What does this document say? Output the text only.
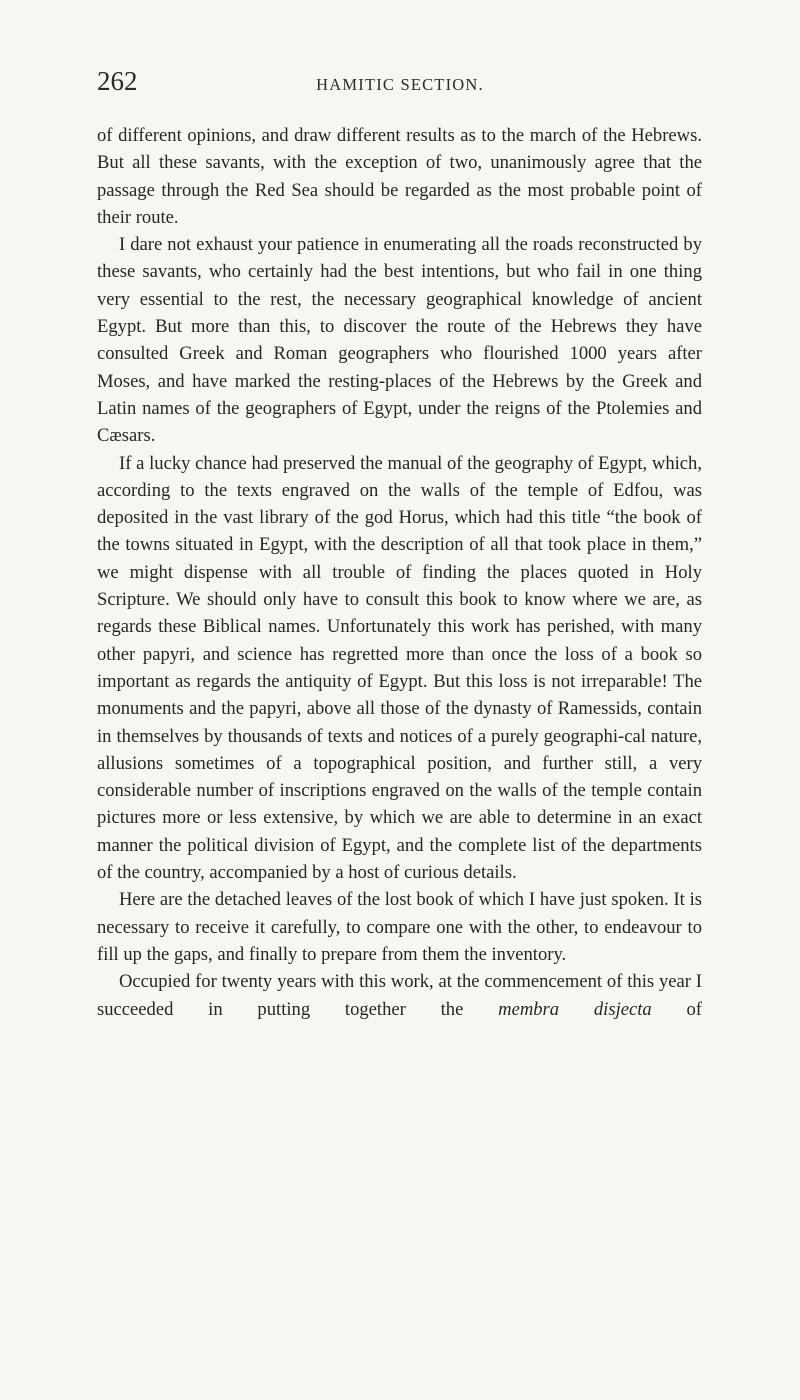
262	HAMITIC SECTION.

of different opinions, and draw different results as to the march of the Hebrews. But all these savants, with the exception of two, unanimously agree that the passage through the Red Sea should be regarded as the most probable point of their route.

I dare not exhaust your patience in enumerating all the roads reconstructed by these savants, who certainly had the best intentions, but who fail in one thing very essential to the rest, the necessary geographical knowledge of ancient Egypt. But more than this, to discover the route of the Hebrews they have consulted Greek and Roman geographers who flourished 1000 years after Moses, and have marked the resting-places of the Hebrews by the Greek and Latin names of the geographers of Egypt, under the reigns of the Ptolemies and Cæsars.

If a lucky chance had preserved the manual of the geography of Egypt, which, according to the texts engraved on the walls of the temple of Edfou, was deposited in the vast library of the god Horus, which had this title “the book of the towns situated in Egypt, with the description of all that took place in them,” we might dispense with all trouble of finding the places quoted in Holy Scripture. We should only have to consult this book to know where we are, as regards these Biblical names. Unfortunately this work has perished, with many other papyri, and science has regretted more than once the loss of a book so important as regards the antiquity of Egypt. But this loss is not irreparable! The monuments and the papyri, above all those of the dynasty of Ramessids, contain in themselves by thousands of texts and notices of a purely geographi-cal nature, allusions sometimes of a topographical position, and further still, a very considerable number of inscriptions engraved on the walls of the temple contain pictures more or less extensive, by which we are able to determine in an exact manner the political division of Egypt, and the complete list of the departments of the country, accompanied by a host of curious details.

Here are the detached leaves of the lost book of which I have just spoken. It is necessary to receive it carefully, to compare one with the other, to endeavour to fill up the gaps, and finally to prepare from them the inventory.

Occupied for twenty years with this work, at the commencement of this year I succeeded in putting together the membra disjecta of
